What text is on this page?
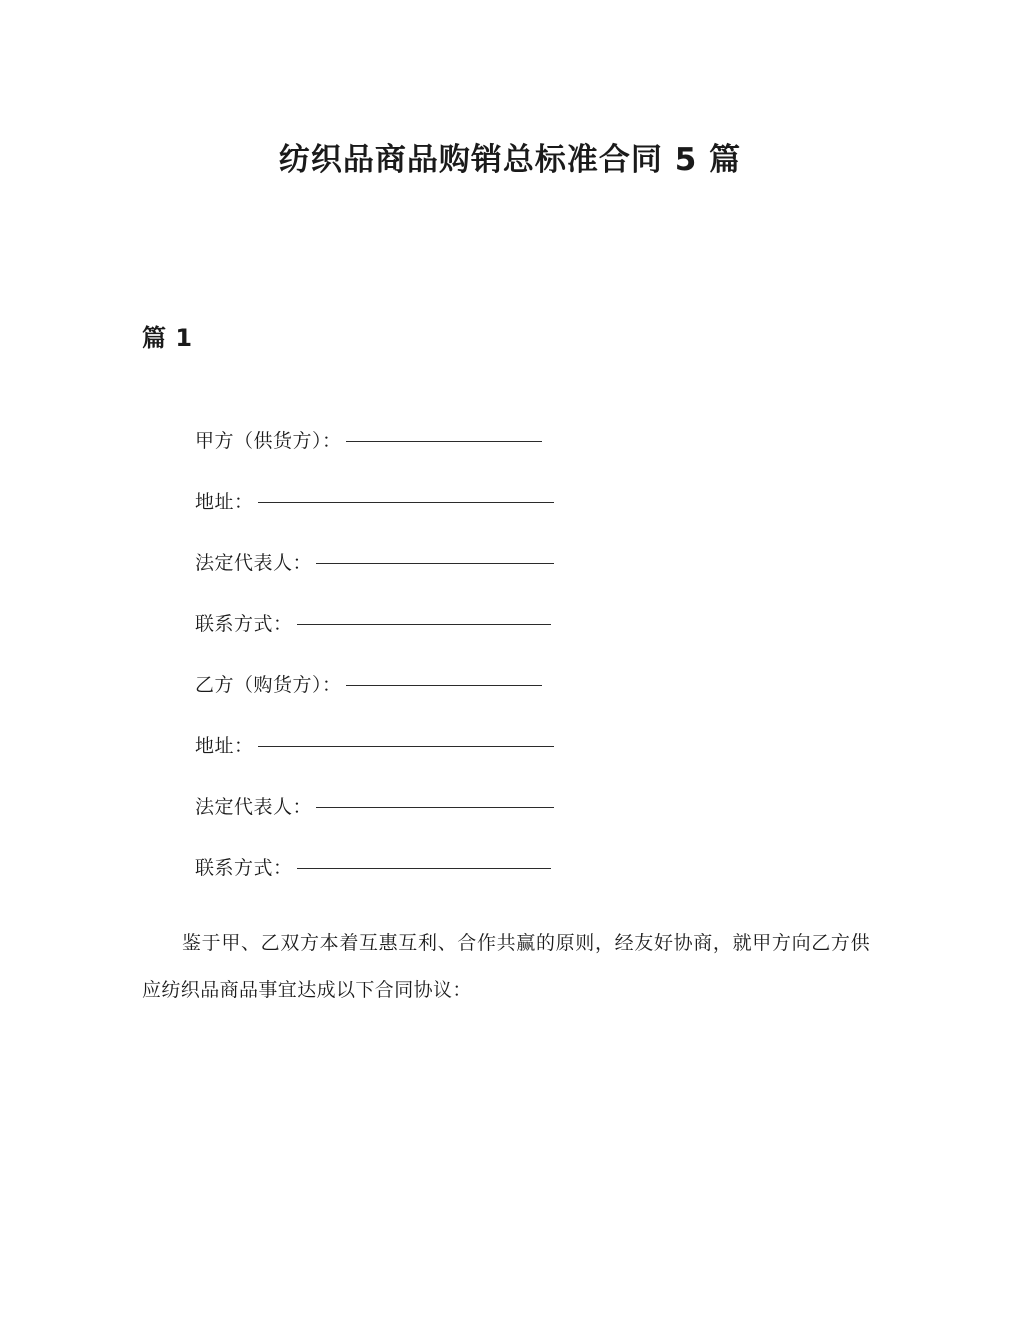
纺织品商品购销总标准合同 5 篇
篇 1
甲方（供货方）：
地址：
法定代表人：
联系方式：
乙方（购货方）：
地址：
法定代表人：
联系方式：
鉴于甲、乙双方本着互惠互利、合作共赢的原则，经友好协商，就甲方向乙方供应纺织品商品事宜达成以下合同协议：
